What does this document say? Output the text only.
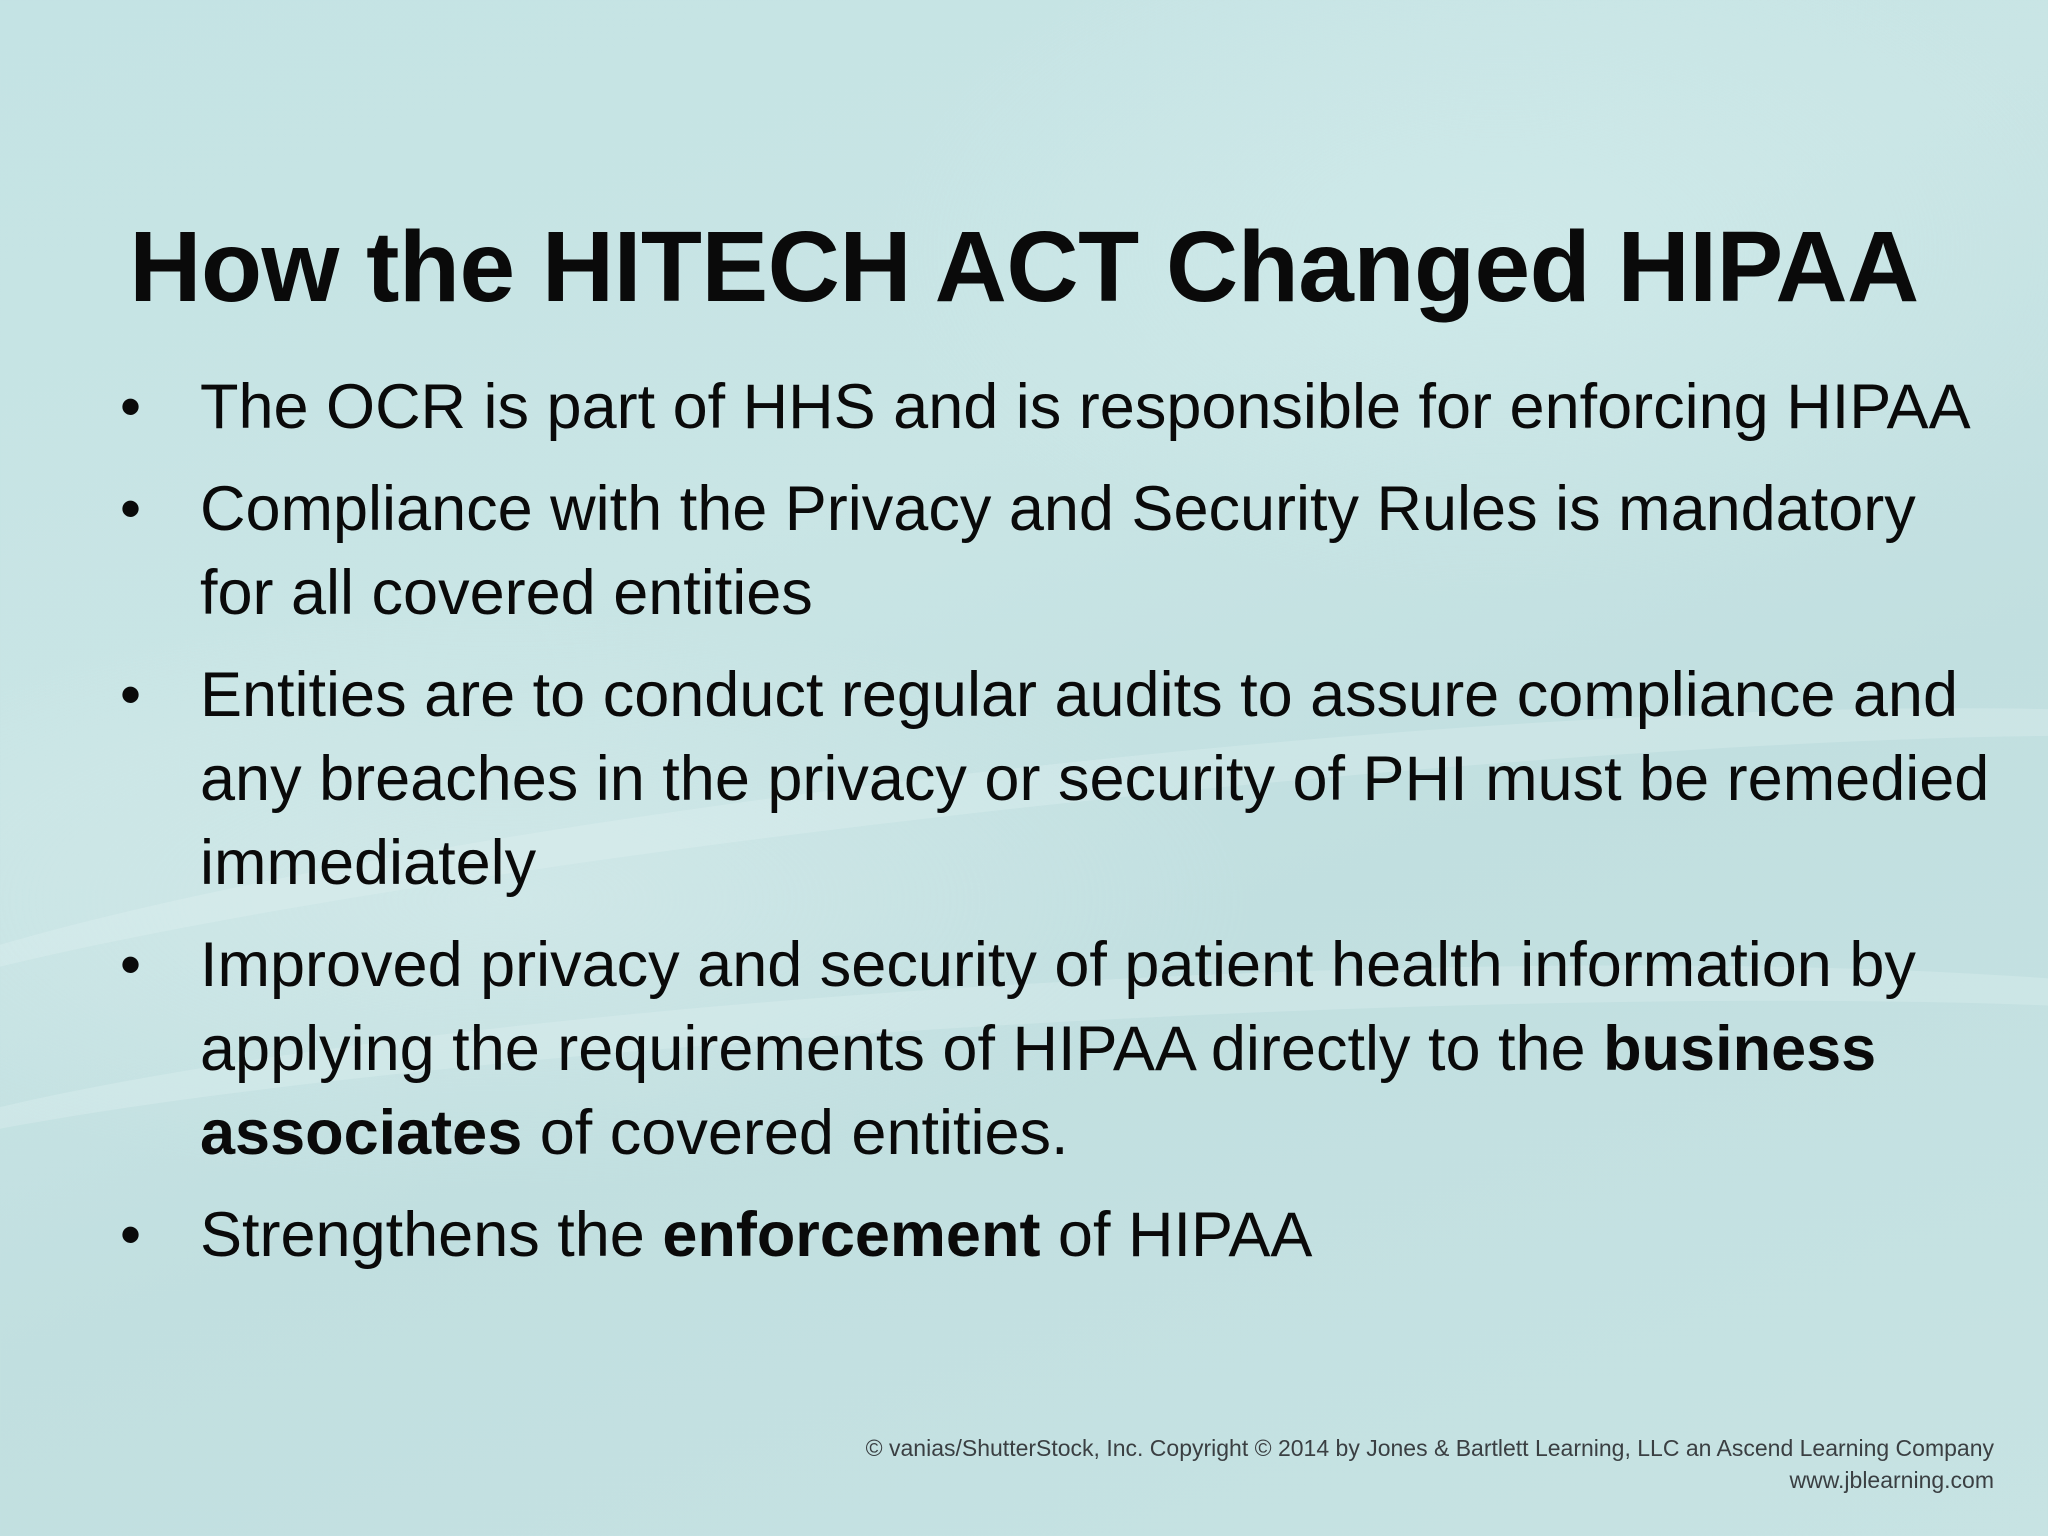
How the HITECH ACT Changed HIPAA
• The OCR is part of HHS and is responsible for enforcing HIPAA
• Compliance with the Privacy and Security Rules is mandatory for all covered entities
• Entities are to conduct regular audits to assure compliance and any breaches in the privacy or security of PHI must be remedied immediately
• Improved privacy and security of patient health information by applying the requirements of HIPAA directly to the business associates of covered entities.
• Strengthens the enforcement of HIPAA
© vanias/ShutterStock, Inc. Copyright © 2014 by Jones & Bartlett Learning, LLC an Ascend Learning Company
www.jblearning.com
